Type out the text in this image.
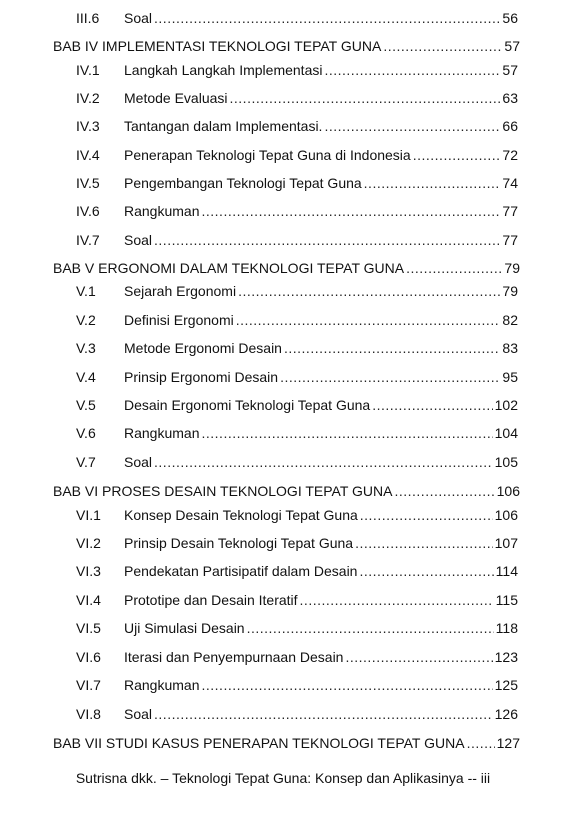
III.6	Soal .....	56
BAB IV IMPLEMENTASI TEKNOLOGI TEPAT GUNA .....	57
IV.1	Langkah Langkah Implementasi .....	57
IV.2	Metode Evaluasi .....	63
IV.3	Tantangan dalam Implementasi. .....	66
IV.4	Penerapan Teknologi Tepat Guna di Indonesia .....	72
IV.5	Pengembangan Teknologi Tepat Guna .....	74
IV.6	Rangkuman .....	77
IV.7	Soal .....	77
BAB V ERGONOMI DALAM TEKNOLOGI TEPAT GUNA .....	79
V.1	Sejarah Ergonomi .....	79
V.2	Definisi Ergonomi .....	82
V.3	Metode Ergonomi Desain .....	83
V.4	Prinsip Ergonomi Desain .....	95
V.5	Desain Ergonomi Teknologi Tepat Guna .....	102
V.6	Rangkuman .....	104
V.7	Soal .....	105
BAB VI PROSES DESAIN TEKNOLOGI TEPAT GUNA .....	106
VI.1	Konsep Desain Teknologi Tepat Guna .....	106
VI.2	Prinsip Desain Teknologi Tepat Guna .....	107
VI.3	Pendekatan Partisipatif dalam Desain .....	114
VI.4	Prototipe dan Desain Iteratif .....	115
VI.5	Uji Simulasi Desain .....	118
VI.6	Iterasi dan Penyempurnaan Desain .....	123
VI.7	Rangkuman .....	125
VI.8	Soal .....	126
BAB VII STUDI KASUS PENERAPAN TEKNOLOGI TEPAT GUNA ..... 127
Sutrisna dkk. – Teknologi Tepat Guna: Konsep dan Aplikasinya -- iii
